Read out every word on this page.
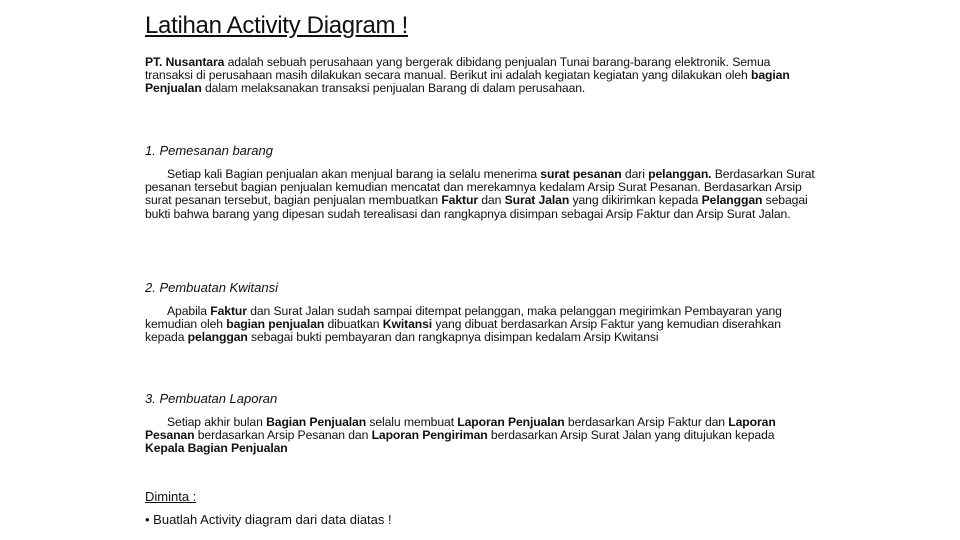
Latihan Activity Diagram !

PT. Nusantara adalah sebuah perusahaan yang bergerak dibidang penjualan Tunai barang-barang elektronik. Semua transaksi di perusahaan masih dilakukan secara manual. Berikut ini adalah kegiatan kegiatan yang dilakukan oleh bagian Penjualan dalam melaksanakan transaksi penjualan Barang di dalam perusahaan.

1. Pemesanan barang

Setiap kali Bagian penjualan akan menjual barang ia selalu menerima surat pesanan dari pelanggan. Berdasarkan Surat pesanan tersebut bagian penjualan kemudian mencatat dan merekamnya kedalam Arsip Surat Pesanan. Berdasarkan Arsip surat pesanan tersebut, bagian penjualan membuatkan Faktur dan Surat Jalan yang dikirimkan kepada Pelanggan sebagai bukti bahwa barang yang dipesan sudah terealisasi dan rangkapnya disimpan sebagai Arsip Faktur dan Arsip Surat Jalan.

2. Pembuatan Kwitansi

Apabila Faktur dan Surat Jalan sudah sampai ditempat pelanggan, maka pelanggan megirimkan Pembayaran yang kemudian oleh bagian penjualan dibuatkan Kwitansi yang dibuat berdasarkan Arsip Faktur yang kemudian diserahkan kepada pelanggan sebagai bukti pembayaran dan rangkapnya disimpan kedalam Arsip Kwitansi

3. Pembuatan Laporan

Setiap akhir bulan Bagian Penjualan selalu membuat Laporan Penjualan berdasarkan Arsip Faktur dan Laporan Pesanan berdasarkan Arsip Pesanan dan Laporan Pengiriman berdasarkan Arsip Surat Jalan yang ditujukan kepada Kepala Bagian Penjualan

Diminta :

• Buatlah Activity diagram dari data diatas !
